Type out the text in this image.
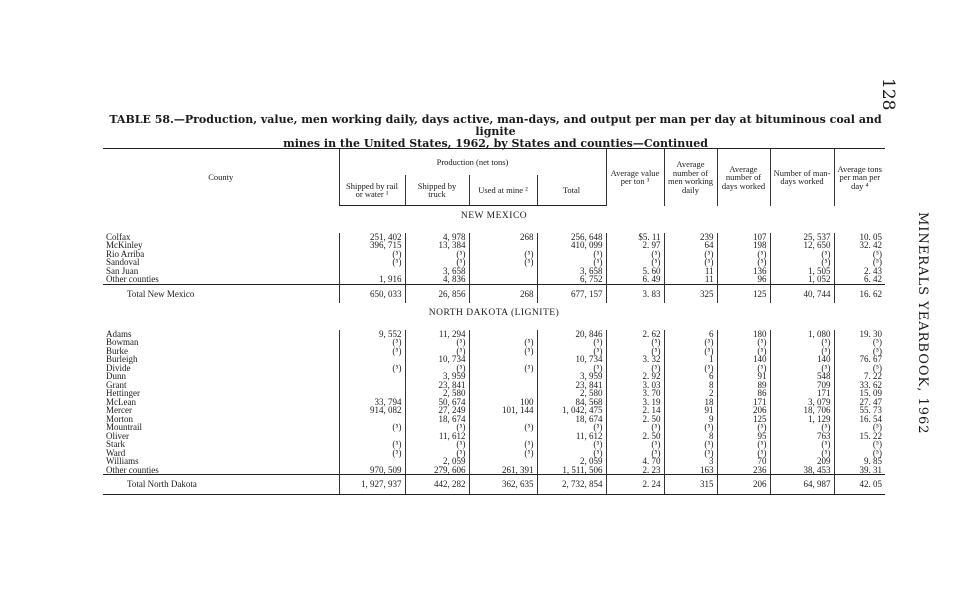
128
MINERALS YEARBOOK, 1962
TABLE 58.—Production, value, men working daily, days active, man-days, and output per man per day at bituminous coal and lignite
mines in the United States, 1962, by States and counties—Continued
County	Production (net tons)				Average value per ton ³	Average number of men working daily	Average number of days worked	Number of man-days worked	Average tons per man per day ⁴
	Shipped by rail or water ¹	Shipped by truck	Used at mine ²	Total					
NEW MEXICO									
Colfax	251, 402	4, 978	268	256, 648	$5. 11	239	107	25, 537	10. 05
McKinley	396, 715	13, 384		410, 099	2. 97	64	198	12, 650	32. 42
Rio Arriba	(⁵)	(⁵)	(⁵)	(⁵)	(⁵)	(⁵)	(⁵)	(⁵)	(⁵)
Sandoval	(⁵)	(⁵)	(⁵)	(⁵)	(⁵)	(⁵)	(⁵)	(⁵)	(⁵)
San Juan		3, 658		3, 658	5. 60	11	136	1, 505	2. 43
Other counties	1, 916	4, 836		6, 752	6. 49	11	96	1, 052	6. 42
Total New Mexico	650, 033	26, 856	268	677, 157	3. 83	325	125	40, 744	16. 62
NORTH DAKOTA (LIGNITE)									
Adams	9, 552	11, 294		20, 846	2. 62	6	180	1, 080	19. 30
Bowman	(⁵)	(⁵)	(⁵)	(⁵)	(⁵)	(⁵)	(⁵)	(⁵)	(⁵)
Burke	(⁵)	(⁵)	(⁵)	(⁵)	(⁵)	(⁵)	(⁵)	(⁵)	(⁵)
Burleigh		10, 734		10, 734	3. 32	1	140	140	76. 67
Divide	(⁵)	(⁵)	(⁵)	(⁵)	(⁵)	(⁵)	(⁵)	(⁵)	(⁵)
Dunn		3, 959		3, 959	2. 92	6	91	548	7. 22
Grant		23, 841		23, 841	3. 03	8	89	709	33. 62
Hettinger		2, 580		2, 580	3. 70	2	86	171	15. 09
McLean	33, 794	50, 674	100	84, 568	3. 19	18	171	3, 079	27. 47
Mercer	914, 082	27, 249	101, 144	1, 042, 475	2. 14	91	206	18, 706	55. 73
Morton		18, 674		18, 674	2. 50	9	125	1, 129	16. 54
Mountrail	(⁵)	(⁵)	(⁵)	(⁵)	(⁵)	(⁵)	(⁵)	(⁵)	(⁵)
Oliver		11, 612		11, 612	2. 50	8	95	763	15. 22
Stark	(⁵)	(⁵)	(⁵)	(⁵)	(⁵)	(⁵)	(⁵)	(⁵)	(⁵)
Ward	(⁵)	(⁵)	(⁵)	(⁵)	(⁵)	(⁵)	(⁵)	(⁵)	(⁵)
Williams		2, 059		2, 059	4. 70	3	70	209	9. 85
Other counties	970, 509	279, 606	261, 391	1, 511, 506	2. 23	163	236	38, 453	39. 31
Total North Dakota	1, 927, 937	442, 282	362, 635	2, 732, 854	2. 24	315	206	64, 987	42. 05
